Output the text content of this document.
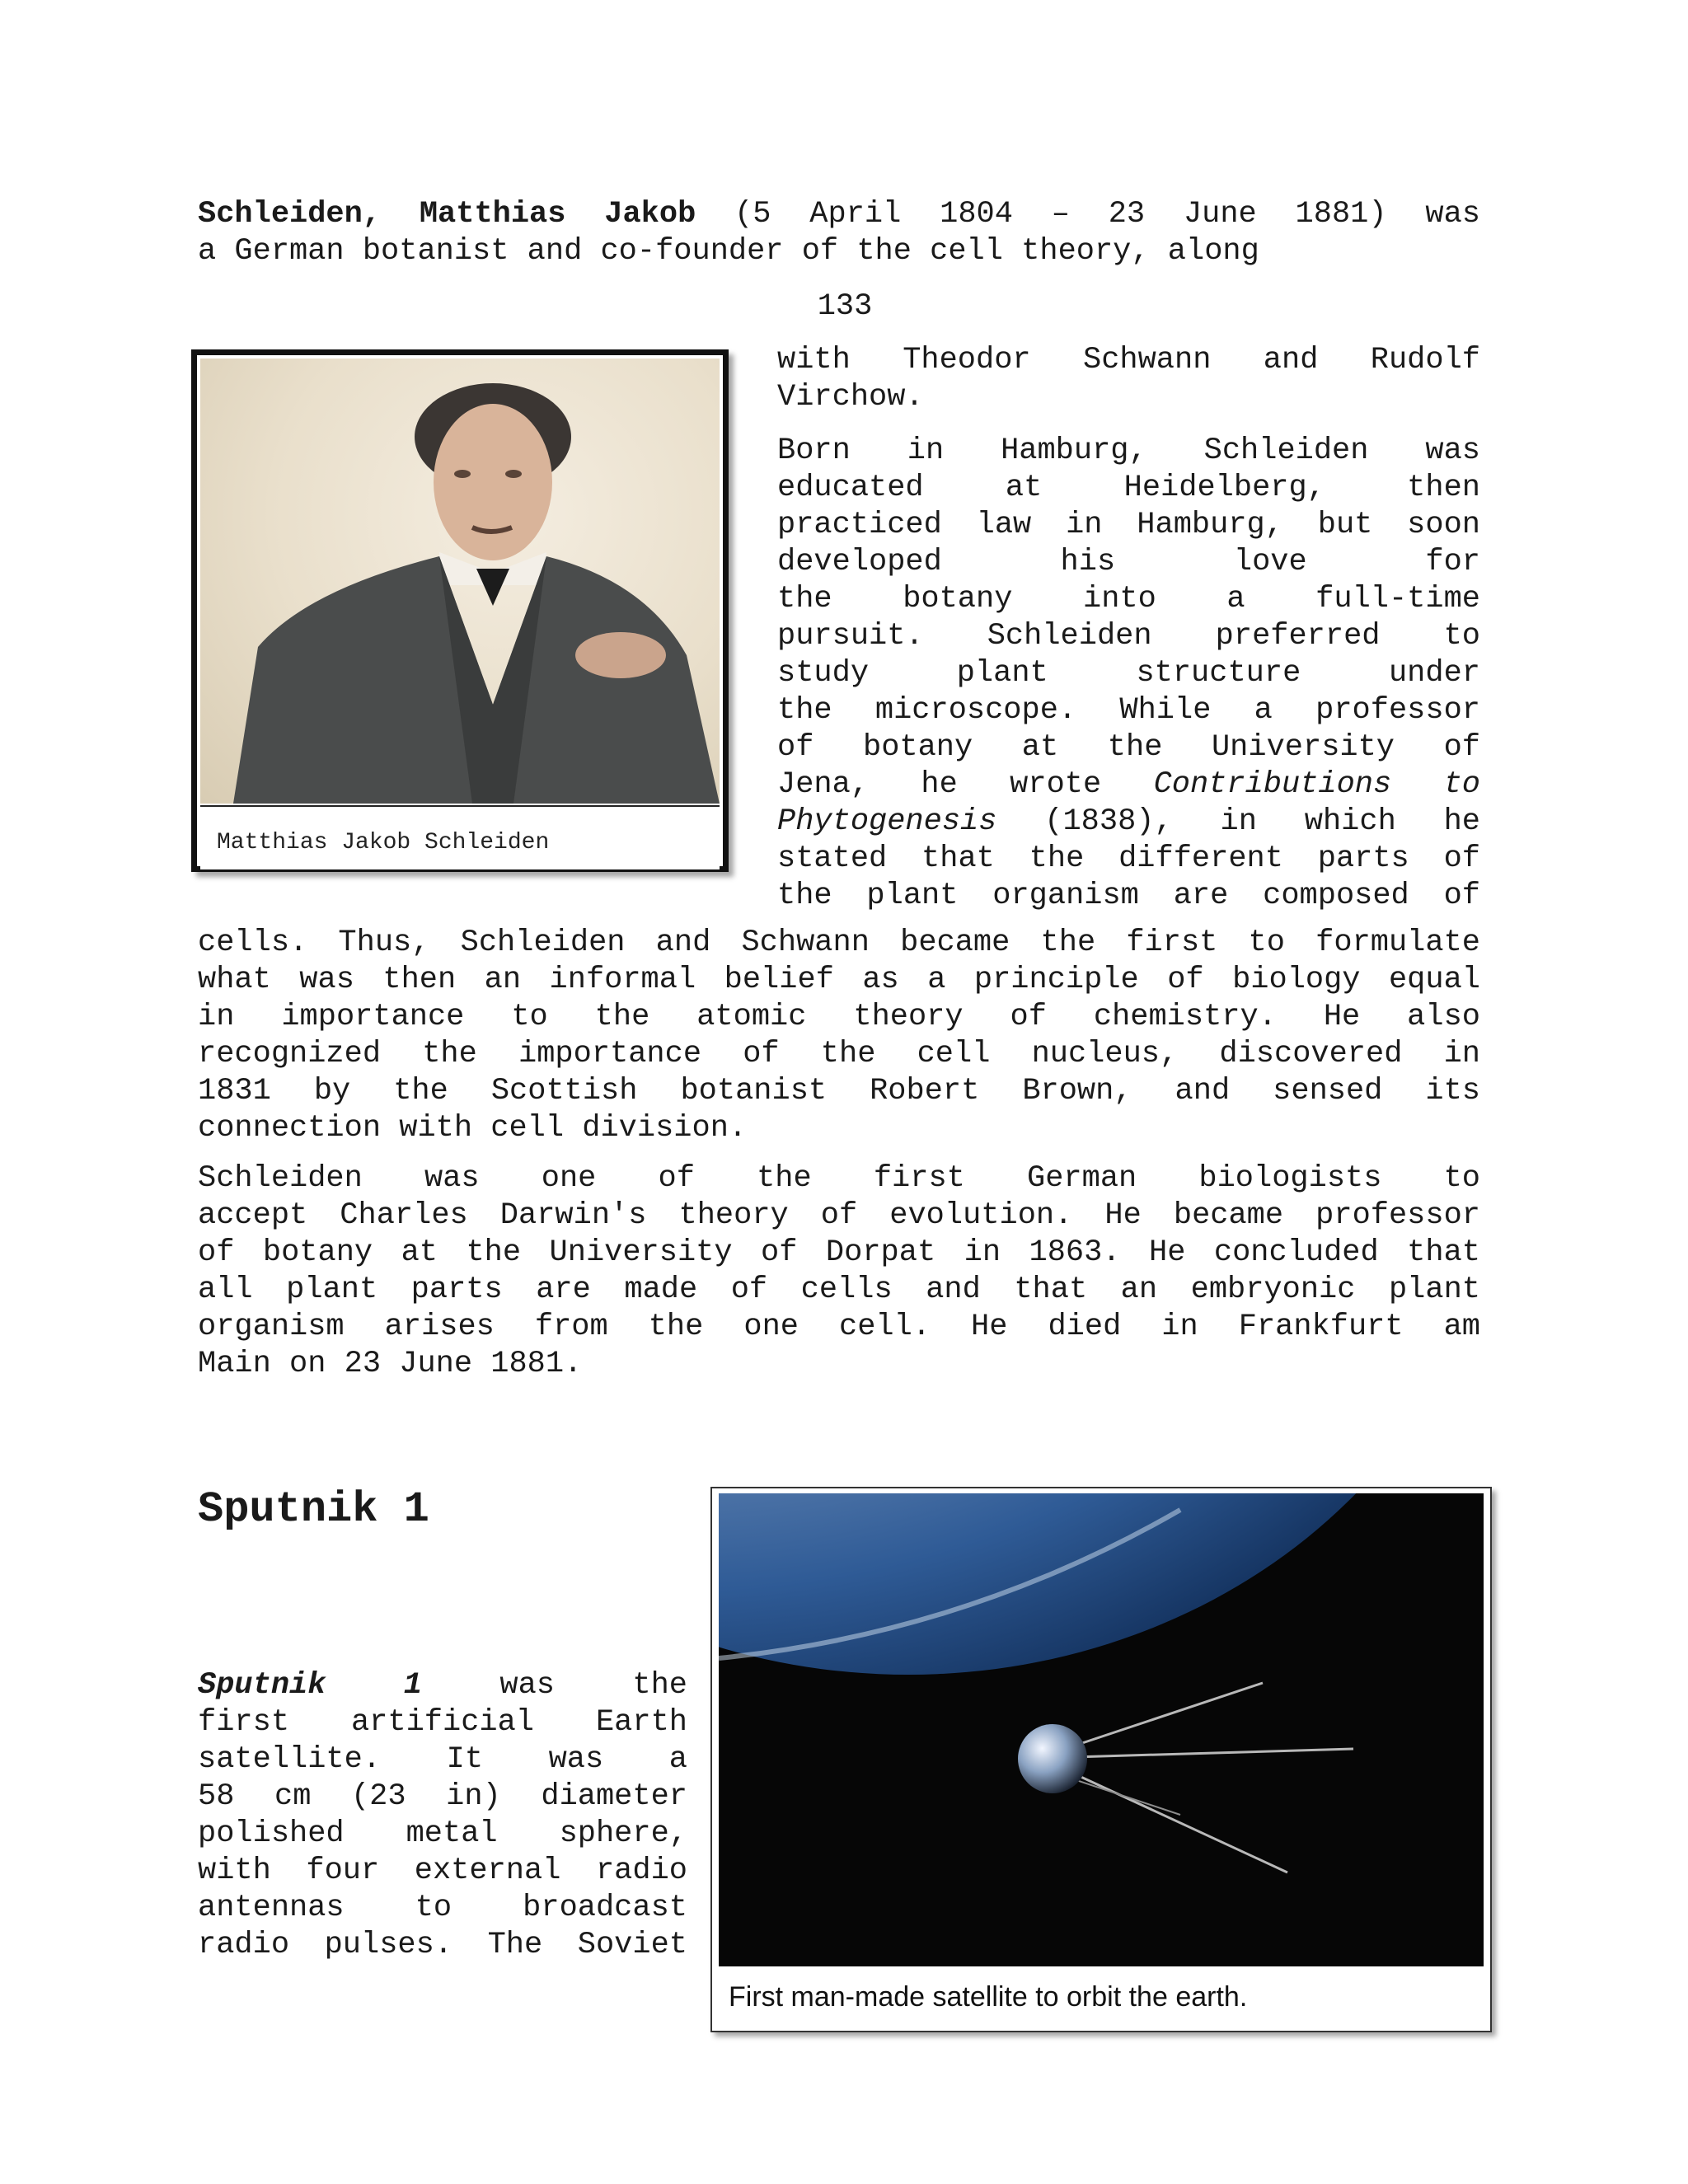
Schleiden, Matthias Jakob (5 April 1804 – 23 June 1881) was
a German botanist and co-founder of the cell theory, along
133
Matthias Jakob Schleiden
with Theodor Schwann and Rudolf
Virchow.
Born in Hamburg, Schleiden was
educated at Heidelberg, then
practiced law in Hamburg, but soon
developed his love for
the botany into a full-time
pursuit. Schleiden preferred to
study plant structure under
the microscope. While a professor
of botany at the University of
Jena, he wrote Contributions to
Phytogenesis (1838), in which he
stated that the different parts of
the plant organism are composed of
cells. Thus, Schleiden and Schwann became the first to formulate
what was then an informal belief as a principle of biology equal
in importance to the atomic theory of chemistry. He also
recognized the importance of the cell nucleus, discovered in
1831 by the Scottish botanist Robert Brown, and sensed its
connection with cell division.
Schleiden was one of the first German biologists to
accept Charles Darwin's theory of evolution. He became professor
of botany at the University of Dorpat in 1863. He concluded that
all plant parts are made of cells and that an embryonic plant
organism arises from the one cell. He died in Frankfurt am
Main on 23 June 1881.
Sputnik 1
Sputnik 1 was the
first artificial Earth
satellite. It was a
58 cm (23 in) diameter
polished metal sphere,
with four external radio
antennas to broadcast
radio pulses. The Soviet
First man-made satellite to orbit the earth.
